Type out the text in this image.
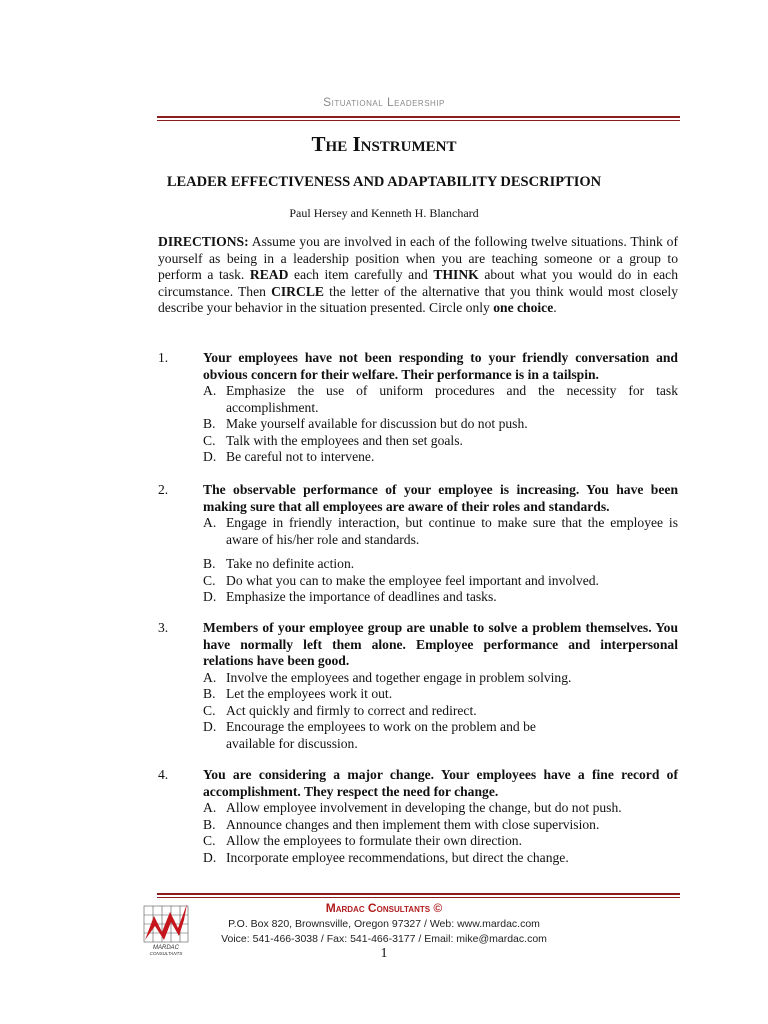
Situational Leadership
The Instrument
LEADER EFFECTIVENESS AND ADAPTABILITY DESCRIPTION
Paul Hersey and Kenneth H. Blanchard

DIRECTIONS: Assume you are involved in each of the following twelve situations. Think of yourself as being in a leadership position when you are teaching someone or a group to perform a task. READ each item carefully and THINK about what you would do in each circumstance. Then CIRCLE the letter of the alternative that you think would most closely describe your behavior in the situation presented. Circle only one choice.

1.	Your employees have not been responding to your friendly conversation and obvious concern for their welfare. Their performance is in a tailspin.
A. Emphasize the use of uniform procedures and the necessity for task accomplishment.
B. Make yourself available for discussion but do not push.
C. Talk with the employees and then set goals.
D. Be careful not to intervene.
2.	The observable performance of your employee is increasing. You have been making sure that all employees are aware of their roles and standards.
A. Engage in friendly interaction, but continue to make sure that the employee is aware of his/her role and standards.
B. Take no definite action.
C. Do what you can to make the employee feel important and involved.
D. Emphasize the importance of deadlines and tasks.
3.	Members of your employee group are unable to solve a problem themselves. You have normally left them alone. Employee performance and interpersonal relations have been good.
A. Involve the employees and together engage in problem solving.
B. Let the employees work it out.
C. Act quickly and firmly to correct and redirect.
D. Encourage the employees to work on the problem and be available for discussion.
4.	You are considering a major change. Your employees have a fine record of accomplishment. They respect the need for change.
A. Allow employee involvement in developing the change, but do not push.
B. Announce changes and then implement them with close supervision.
C. Allow the employees to formulate their own direction.
D. Incorporate employee recommendations, but direct the change.
MARDAC
CONSULTANTS
Mardac Consultants ©
P.O. Box 820, Brownsville, Oregon 97327 / Web: www.mardac.com
Voice: 541-466-3038 / Fax: 541-466-3177 / Email: mike@mardac.com
1
